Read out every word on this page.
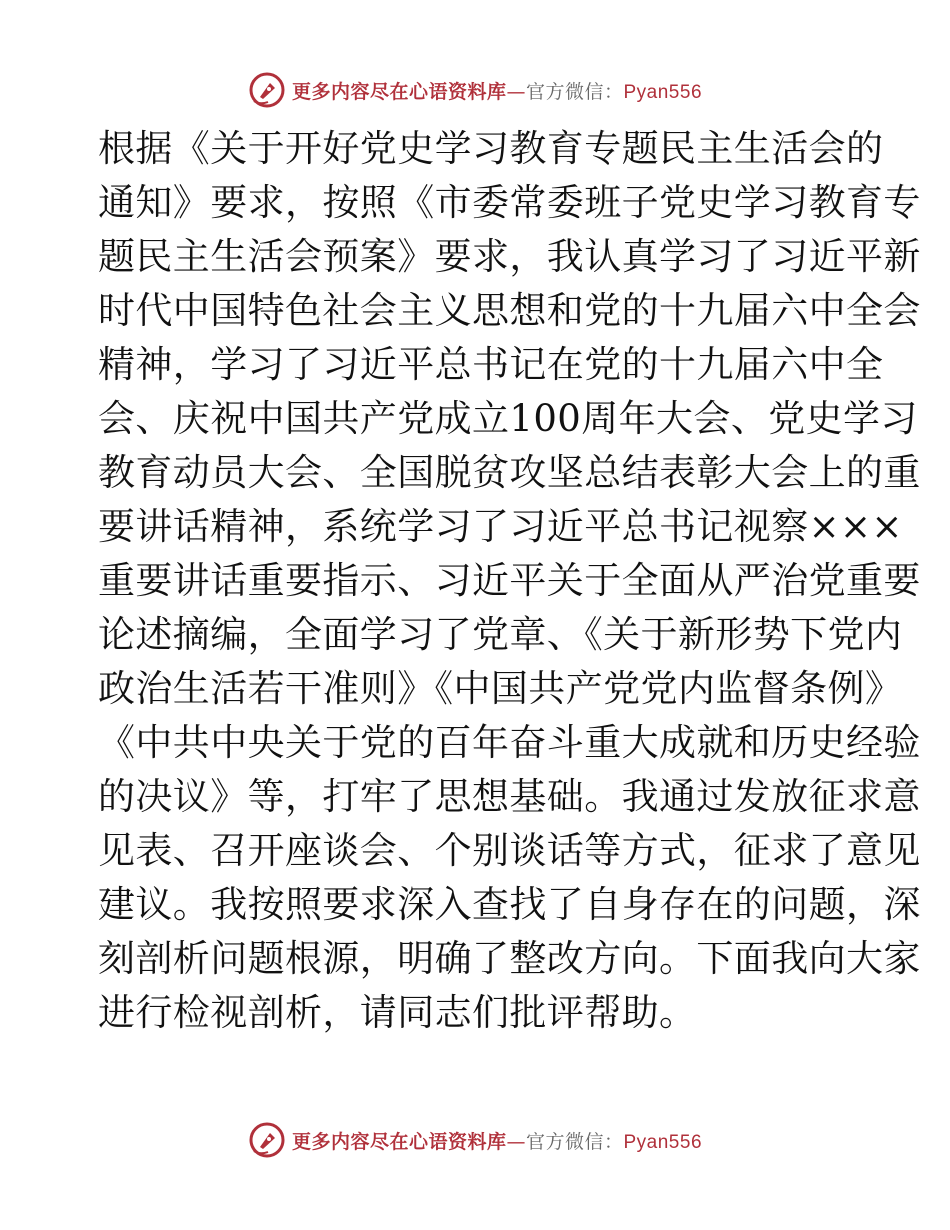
更多内容尽在心语资料库—官方微信：Pyan556
根据《关于开好党史学习教育专题民主生活会的
通知》要求，按照《市委常委班子党史学习教育专
题民主生活会预案》要求，我认真学习了习近平新
时代中国特色社会主义思想和党的十九届六中全会
精神，学习了习近平总书记在党的十九届六中全
会、庆祝中国共产党成立100周年大会、党史学习
教育动员大会、全国脱贫攻坚总结表彰大会上的重
要讲话精神，系统学习了习近平总书记视察×××
重要讲话重要指示、习近平关于全面从严治党重要
论述摘编，全面学习了党章、《关于新形势下党内
政治生活若干准则》《中国共产党党内监督条例》
《中共中央关于党的百年奋斗重大成就和历史经验
的决议》等，打牢了思想基础。我通过发放征求意
见表、召开座谈会、个别谈话等方式，征求了意见
建议。我按照要求深入查找了自身存在的问题，深
刻剖析问题根源，明确了整改方向。下面我向大家
进行检视剖析，请同志们批评帮助。
更多内容尽在心语资料库—官方微信：Pyan556
